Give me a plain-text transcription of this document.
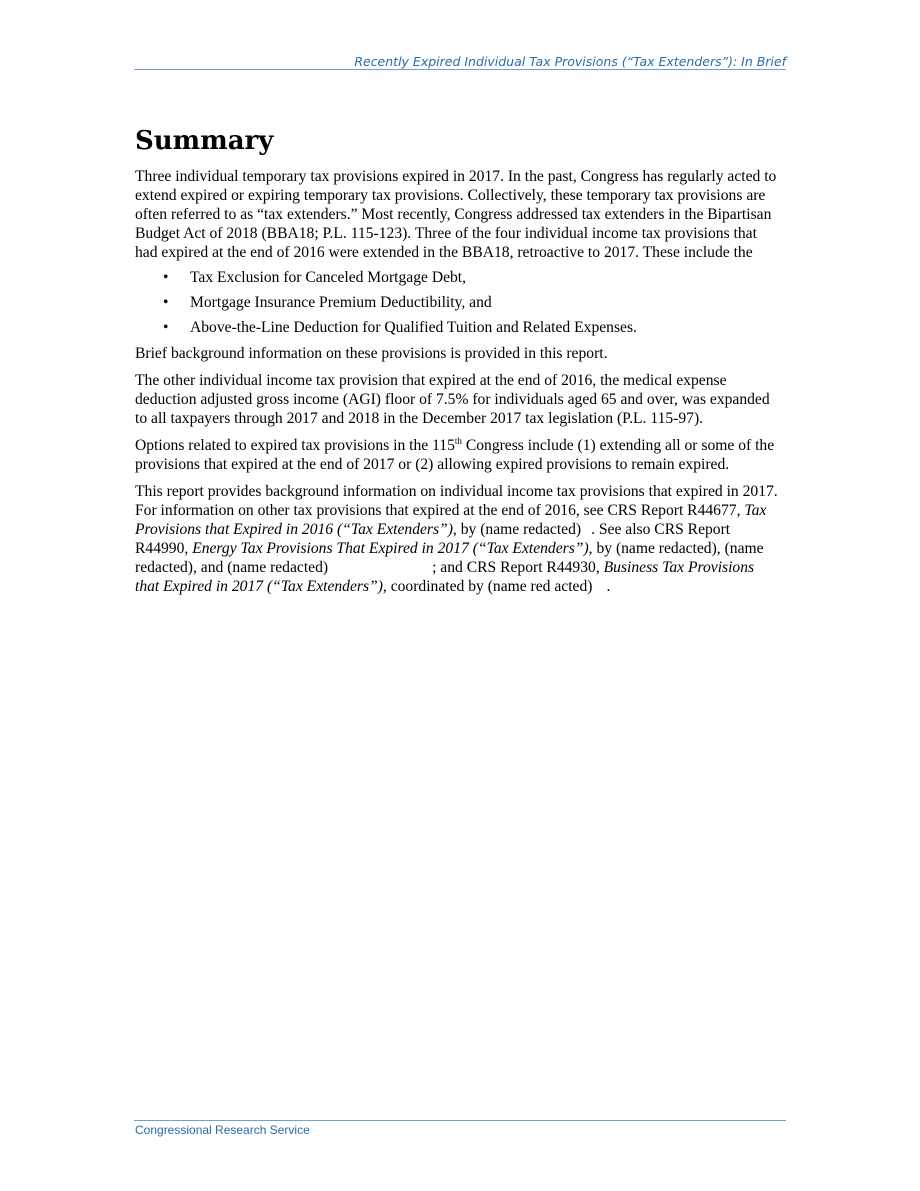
Recently Expired Individual Tax Provisions (“Tax Extenders”): In Brief
Summary

Three individual temporary tax provisions expired in 2017. In the past, Congress has regularly acted to extend expired or expiring temporary tax provisions. Collectively, these temporary tax provisions are often referred to as “tax extenders.” Most recently, Congress addressed tax extenders in the Bipartisan Budget Act of 2018 (BBA18; P.L. 115-123). Three of the four individual income tax provisions that had expired at the end of 2016 were extended in the BBA18, retroactive to 2017. These include the

• Tax Exclusion for Canceled Mortgage Debt,
• Mortgage Insurance Premium Deductibility, and
• Above-the-Line Deduction for Qualified Tuition and Related Expenses.

Brief background information on these provisions is provided in this report.

The other individual income tax provision that expired at the end of 2016, the medical expense deduction adjusted gross income (AGI) floor of 7.5% for individuals aged 65 and over, was expanded to all taxpayers through 2017 and 2018 in the December 2017 tax legislation (P.L. 115-97).

Options related to expired tax provisions in the 115th Congress include (1) extending all or some of the provisions that expired at the end of 2017 or (2) allowing expired provisions to remain expired.

This report provides background information on individual income tax provisions that expired in 2017. For information on other tax provisions that expired at the end of 2016, see CRS Report R44677, Tax Provisions that Expired in 2016 (“Tax Extenders”), by (name redacted) . See also CRS Report R44990, Energy Tax Provisions That Expired in 2017 (“Tax Extenders”), by (name redacted), (name redacted), and (name redacted)	; and CRS Report R44930, Business Tax Provisions that Expired in 2017 (“Tax Extenders”), coordinated by (name red acted) .

Congressional Research Service
